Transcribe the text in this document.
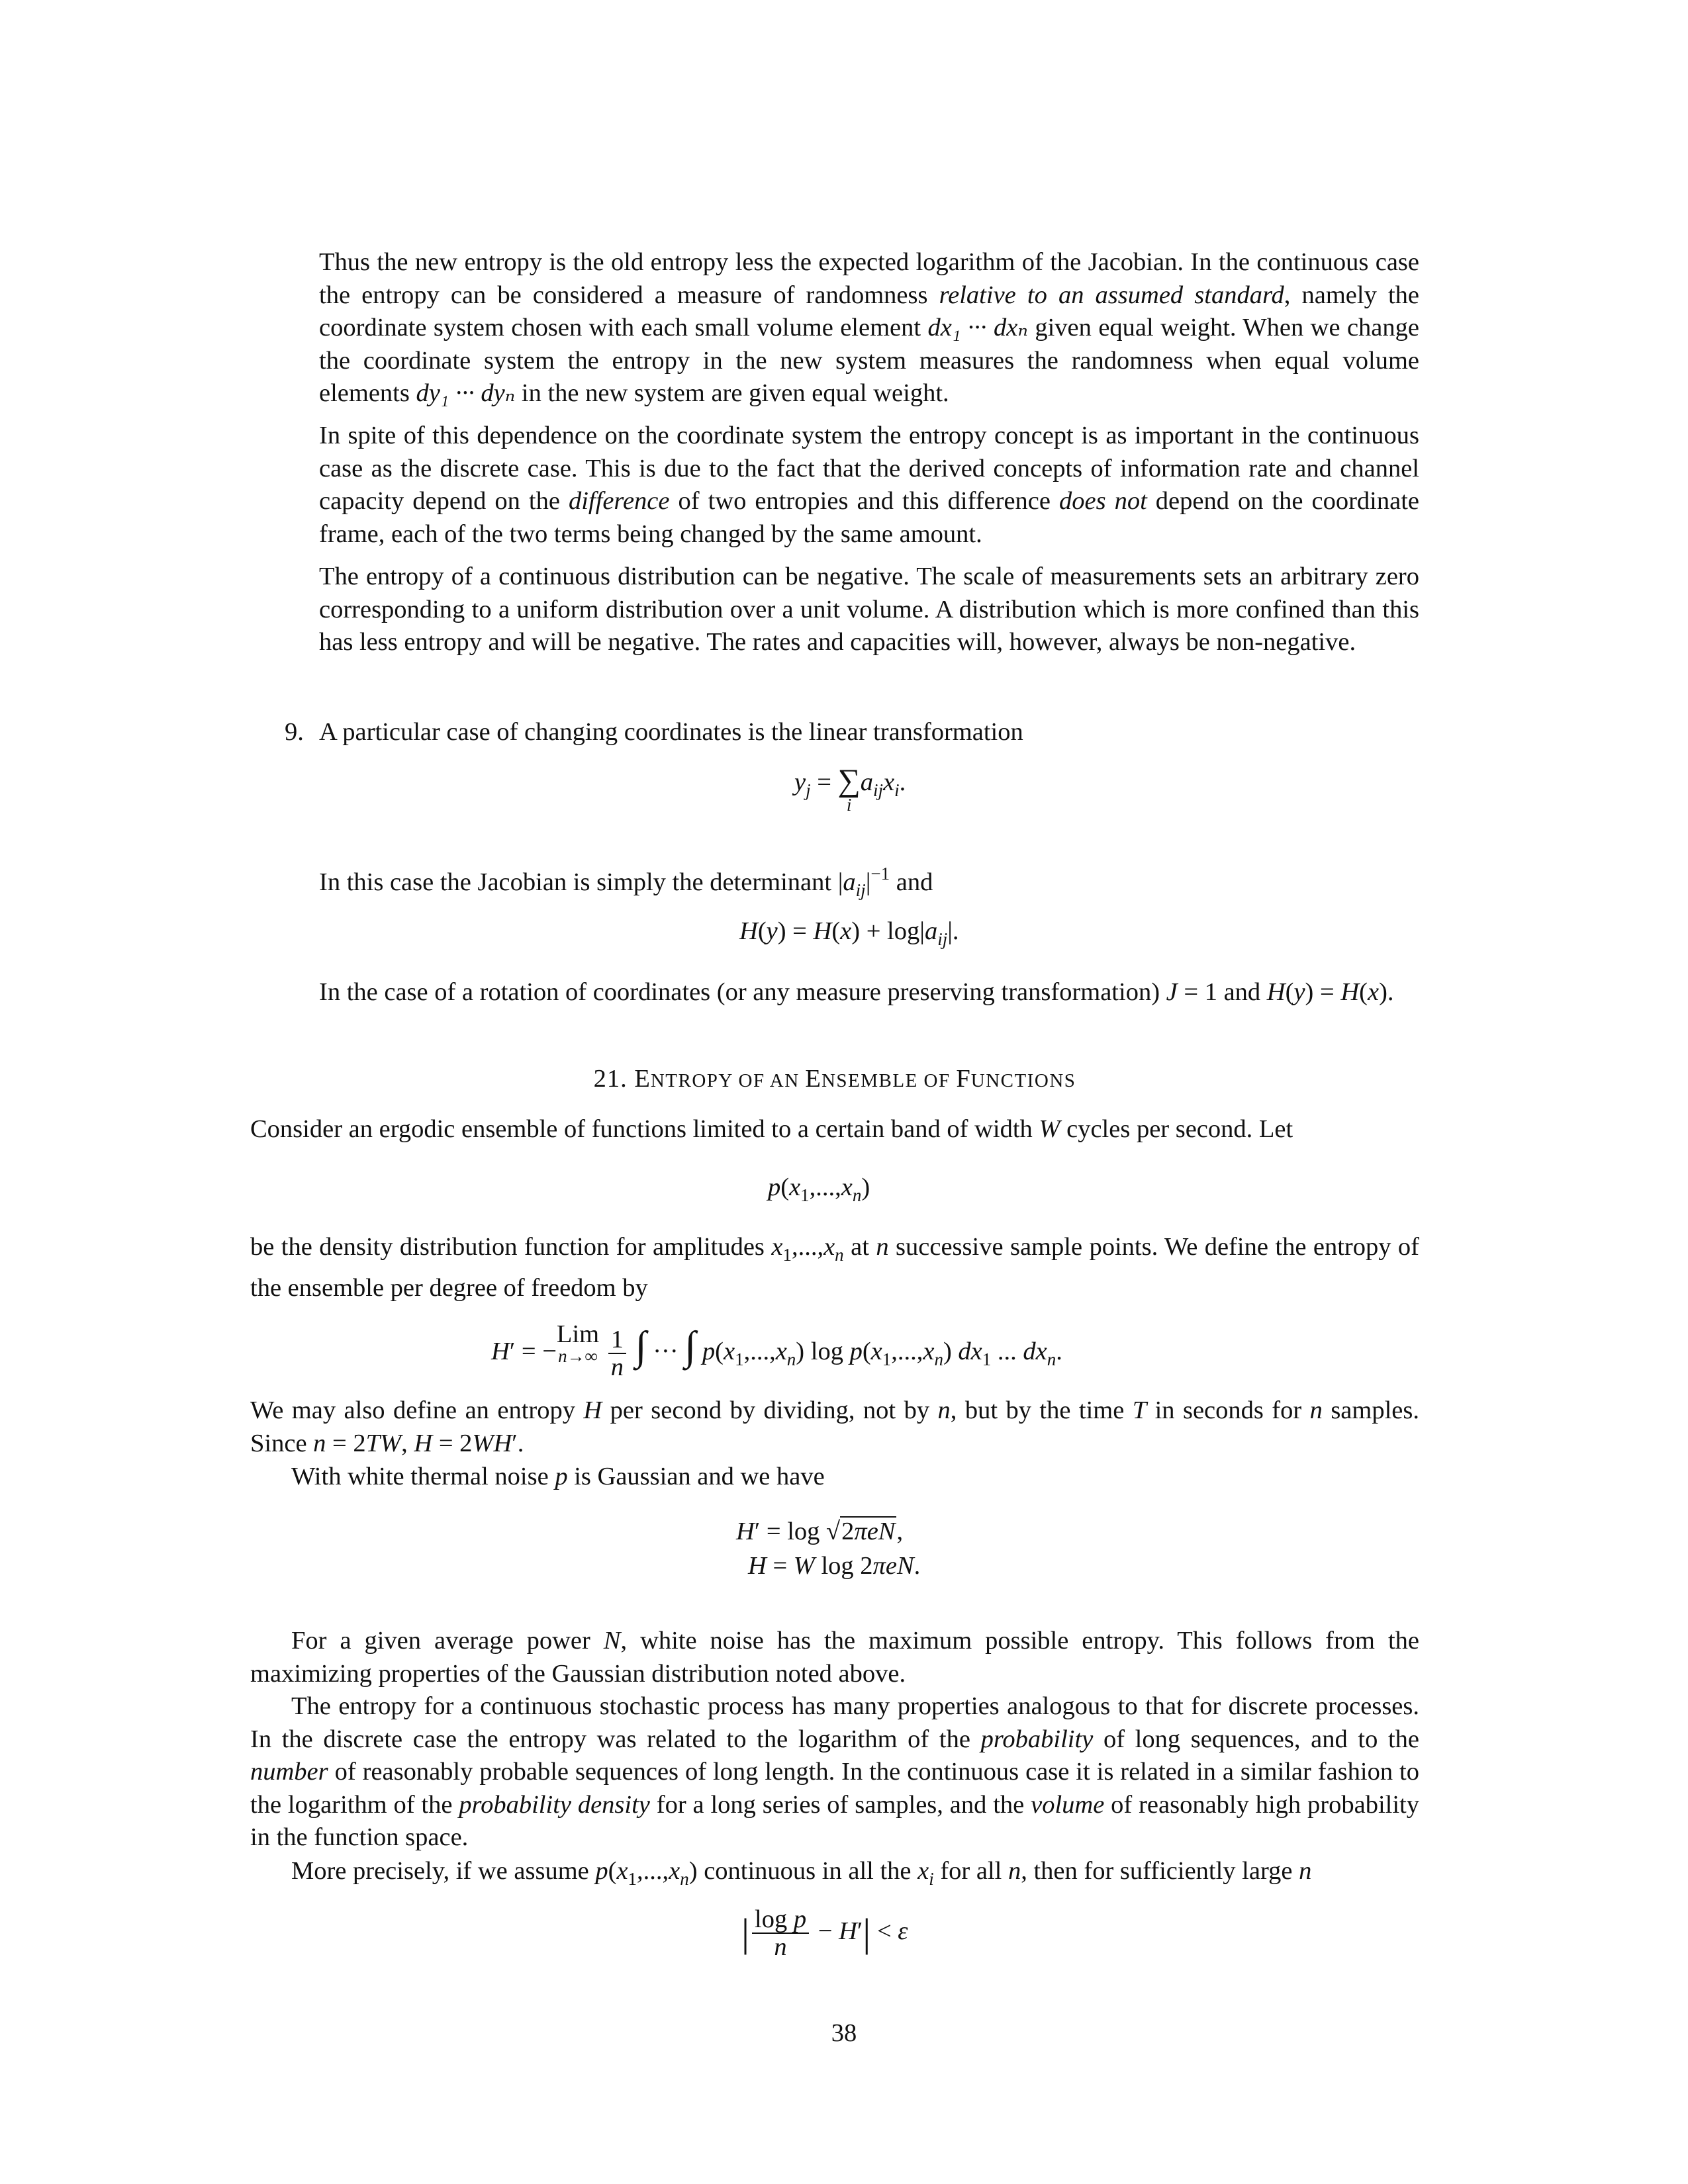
Thus the new entropy is the old entropy less the expected logarithm of the Jacobian. In the continuous case the entropy can be considered a measure of randomness relative to an assumed standard, namely the coordinate system chosen with each small volume element dx₁ ··· dxₙ given equal weight. When we change the coordinate system the entropy in the new system measures the randomness when equal volume elements dy₁ ··· dyₙ in the new system are given equal weight.
In spite of this dependence on the coordinate system the entropy concept is as important in the continuous case as the discrete case. This is due to the fact that the derived concepts of information rate and channel capacity depend on the difference of two entropies and this difference does not depend on the coordinate frame, each of the two terms being changed by the same amount.
The entropy of a continuous distribution can be negative. The scale of measurements sets an arbitrary zero corresponding to a uniform distribution over a unit volume. A distribution which is more confined than this has less entropy and will be negative. The rates and capacities will, however, always be non-negative.
9. A particular case of changing coordinates is the linear transformation
$y_j$ = ∑
i
$a_{ij}x_i$.
In this case the Jacobian is simply the determinant $|a_{ij}|^{-1}$ and
$H(y) = H(x) + \log|a_{ij}|$.
In the case of a rotation of coordinates (or any measure preserving transformation) J = 1 and H(y) = H(x).
21. ENTROPY OF AN ENSEMBLE OF FUNCTIONS
Consider an ergodic ensemble of functions limited to a certain band of width W cycles per second. Let
$p(x_1,...,x_n)$
be the density distribution function for amplitudes $x_1,...,x_n$ at n successive sample points. We define the entropy of the ensemble per degree of freedom by
H′ = −Lim
n→∞
$\frac{1}{n}$ ∫ ··· ∫ $p(x_1,...,x_n)$ $\log p(x_1,...,x_n)$ $dx_1$ ... $dx_n$.
We may also define an entropy H per second by dividing, not by n, but by the time T in seconds for n samples. Since n = 2TW, H = 2WH′.
With white thermal noise p is Gaussian and we have
H′ = log √2πeN,
H = W log 2πeN.
For a given average power N, white noise has the maximum possible entropy. This follows from the maximizing properties of the Gaussian distribution noted above.
The entropy for a continuous stochastic process has many properties analogous to that for discrete processes. In the discrete case the entropy was related to the logarithm of the probability of long sequences, and to the number of reasonably probable sequences of long length. In the continuous case it is related in a similar fashion to the logarithm of the probability density for a long series of samples, and the volume of reasonably high probability in the function space.
More precisely, if we assume $p(x_1,...,x_n)$ continuous in all the $x_i$ for all n, then for sufficiently large n
| $\frac{\text{log p}}{n} - H'| < \varepsilon$
38
